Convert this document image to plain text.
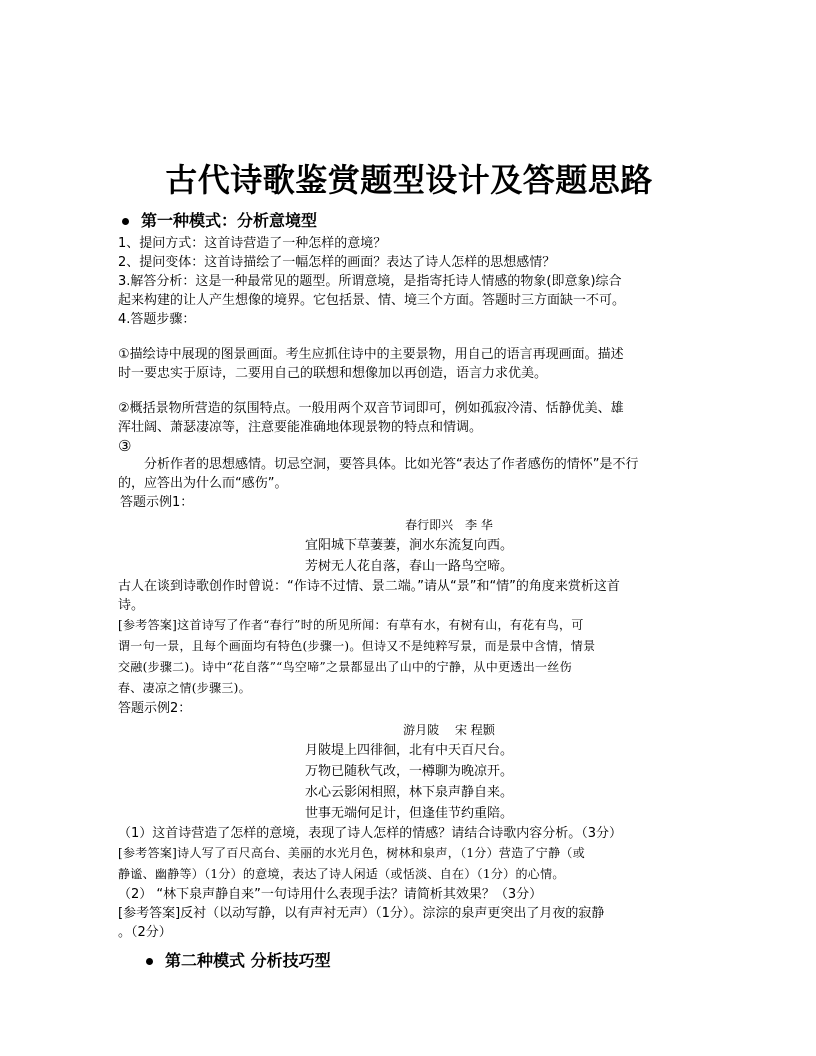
古代诗歌鉴赏题型设计及答题思路
第一种模式：分析意境型

1、提问方式：这首诗营造了一种怎样的意境？

2、提问变体：这首诗描绘了一幅怎样的画面？表达了诗人怎样的思想感情？

3.解答分析：这是一种最常见的题型。所谓意境，是指寄托诗人情感的物象(即意象)综合

起来构建的让人产生想像的境界。它包括景、情、境三个方面。答题时三方面缺一不可。

4.答题步骤：

①描绘诗中展现的图景画面。考生应抓住诗中的主要景物，用自己的语言再现画面。描述

时一要忠实于原诗，二要用自己的联想和想像加以再创造，语言力求优美。

②概括景物所营造的氛围特点。一般用两个双音节词即可，例如孤寂冷清、恬静优美、雄

浑壮阔、萧瑟凄凉等，注意要能准确地体现景物的特点和情调。

③

分析作者的思想感情。切忌空洞，要答具体。比如光答“表达了作者感伤的情怀”是不行

的，应答出为什么而“感伤”。

答题示例1：

春行即兴　李 华

宜阳城下草萋萋，涧水东流复向西。

芳树无人花自落，春山一路鸟空啼。

古人在谈到诗歌创作时曾说：“作诗不过情、景二端。”请从“景”和“情”的角度来赏析这首

诗。

[参考答案]这首诗写了作者“春行”时的所见所闻：有草有水，有树有山，有花有鸟，可

谓一句一景，且每个画面均有特色(步骤一)。但诗又不是纯粹写景，而是景中含情，情景

交融(步骤二)。诗中“花自落”“鸟空啼”之景都显出了山中的宁静，从中更透出一丝伤

春、凄凉之情(步骤三)。

答题示例2：

游月陂　 宋 程颢

月陂堤上四徘徊，北有中天百尺台。

万物已随秋气改，一樽聊为晚凉开。

水心云影闲相照，林下泉声静自来。

世事无端何足计，但逢佳节约重陪。

（1）这首诗营造了怎样的意境，表现了诗人怎样的情感？请结合诗歌内容分析。（3分）

[参考答案]诗人写了百尺高台、美丽的水光月色，树林和泉声，（1分）营造了宁静（或

静谧、幽静等）（1分）的意境，表达了诗人闲适（或恬淡、自在）（1分）的心情。

（2） “林下泉声静自来”一句诗用什么表现手法？请简析其效果？（3分）

[参考答案]反衬（以动写静，以有声衬无声）（1分）。淙淙的泉声更突出了月夜的寂静

。（2分）

第二种模式 分析技巧型
